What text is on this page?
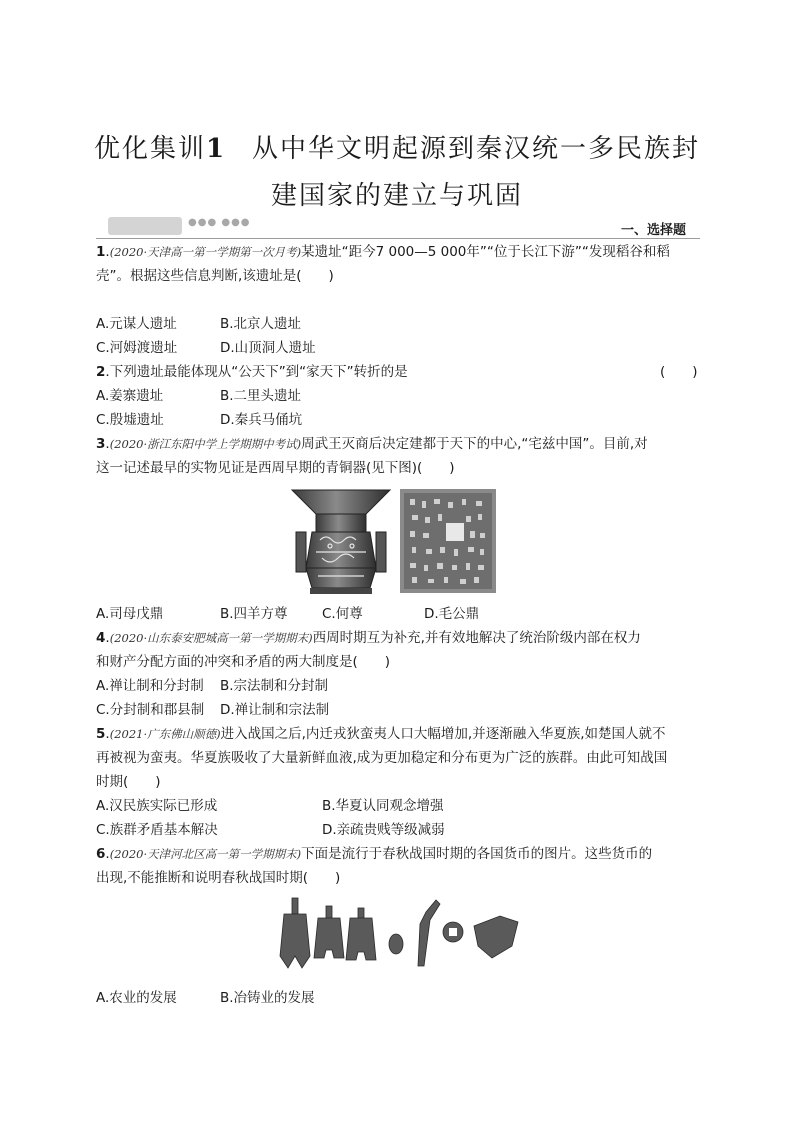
优化集训1 从中华文明起源到秦汉统一多民族封
建国家的建立与巩固
●●● ●●●
一、选择题
1.(2020·天津高一第一学期第一次月考)某遗址“距今7 000—5 000年”“位于长江下游”“发现稻谷和稻
壳”。根据这些信息判断,该遗址是(　　)
A.元谋人遗址	B.北京人遗址
C.河姆渡遗址	D.山顶洞人遗址
2.下列遗址最能体现从“公天下”到“家天下”转折的是	(　　)
A.姜寨遗址	B.二里头遗址
C.殷墟遗址	D.秦兵马俑坑
3.(2020·浙江东阳中学上学期期中考试)周武王灭商后决定建都于天下的中心,“宅兹中国”。目前,对
这一记述最早的实物见证是西周早期的青铜器(见下图)(　　)
A.司母戊鼎	B.四羊方尊	C.何尊	D.毛公鼎
4.(2020·山东泰安肥城高一第一学期期末)西周时期互为补充,并有效地解决了统治阶级内部在权力
和财产分配方面的冲突和矛盾的两大制度是(　　)
A.禅让制和分封制 B.宗法制和分封制
C.分封制和郡县制 D.禅让制和宗法制
5.(2021·广东佛山顺德)进入战国之后,内迁戎狄蛮夷人口大幅增加,并逐渐融入华夏族,如楚国人就不
再被视为蛮夷。华夏族吸收了大量新鲜血液,成为更加稳定和分布更为广泛的族群。由此可知战国
时期(　　)
A.汉民族实际已形成	B.华夏认同观念增强
C.族群矛盾基本解决	D.亲疏贵贱等级减弱
6.(2020·天津河北区高一第一学期期末)下面是流行于春秋战国时期的各国货币的图片。这些货币的
出现,不能推断和说明春秋战国时期(　　)
A.农业的发展	B.冶铸业的发展
